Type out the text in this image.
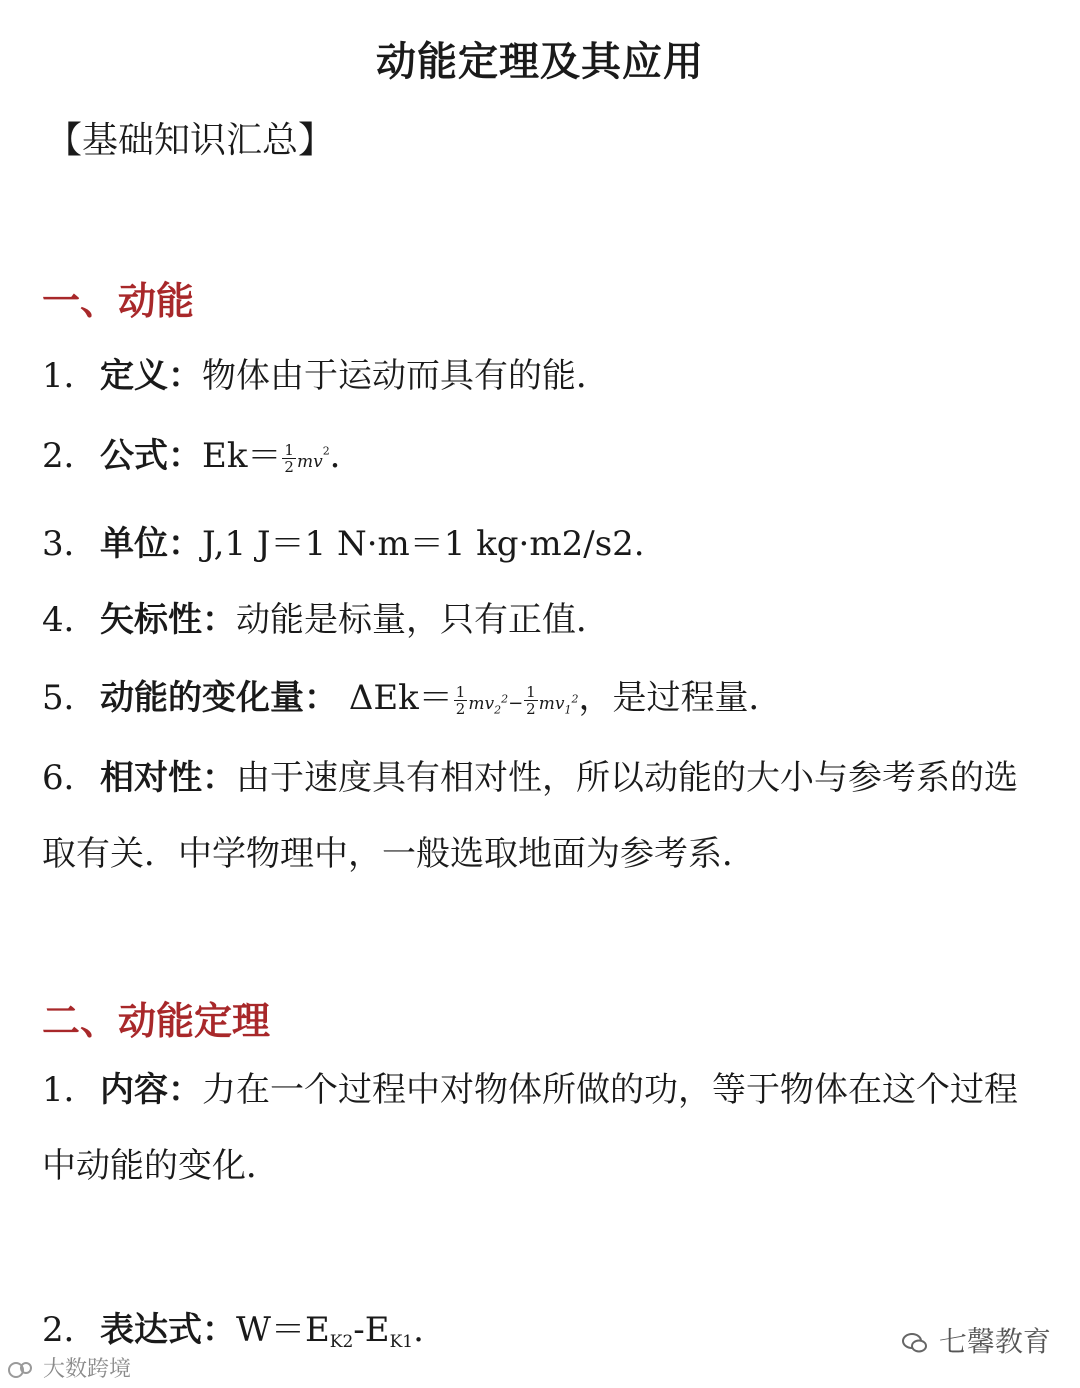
动能定理及其应用
【基础知识汇总】
一、动能
1．定义：物体由于运动而具有的能．
2．公式：$Ek= \frac{1}{2} mv^2$．
3．单位：J,1 J＝1 N·m＝1 kg·m2/s2.
4．矢标性：动能是标量，只有正值．
5．动能的变化量： $\Delta Ek= \frac{1}{2} mv_2^2- \frac{1}{2} mv_1^2$，是过程量．
6．相对性：由于速度具有相对性，所以动能的大小与参考系的选取有关．中学物理中，一般选取地面为参考系．
二、动能定理
1．内容：力在一个过程中对物体所做的功，等于物体在这个过程中动能的变化．
2．表达式：W＝EK2-EK1.
大数跨境
七馨教育
